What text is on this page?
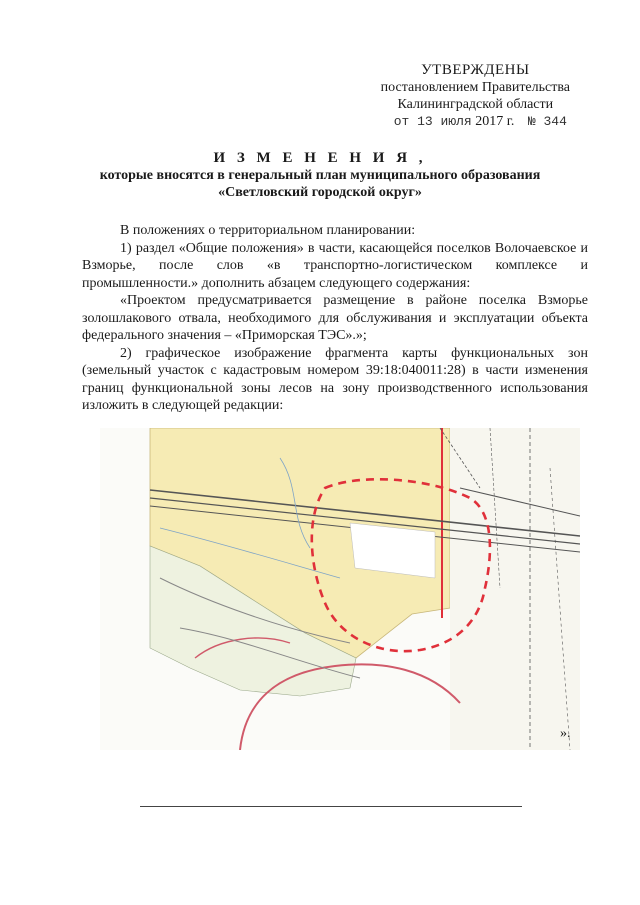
УТВЕРЖДЕНЫ
постановлением Правительства
Калининградской области
от 13 июля 2017 г. № 344
И З М Е Н Е Н И Я ,
которые вносятся в генеральный план муниципального образования
«Светловский городской округ»

В положениях о территориальном планировании:

1) раздел «Общие положения» в части, касающейся поселков Волочаевское и Взморье, после слов «в транспортно-логистическом комплексе и промышленности.» дополнить абзацем следующего содержания:

«Проектом предусматривается размещение в районе поселка Взморье золошлакового отвала, необходимого для обслуживания и эксплуатации объекта федерального значения – «Приморская ТЭС».»;

2) графическое изображение фрагмента карты функциональных зон (земельный участок с кадастровым номером 39:18:040011:28) в части изменения границ функциональной зоны лесов на зону производственного использования изложить в следующей редакции:

».
